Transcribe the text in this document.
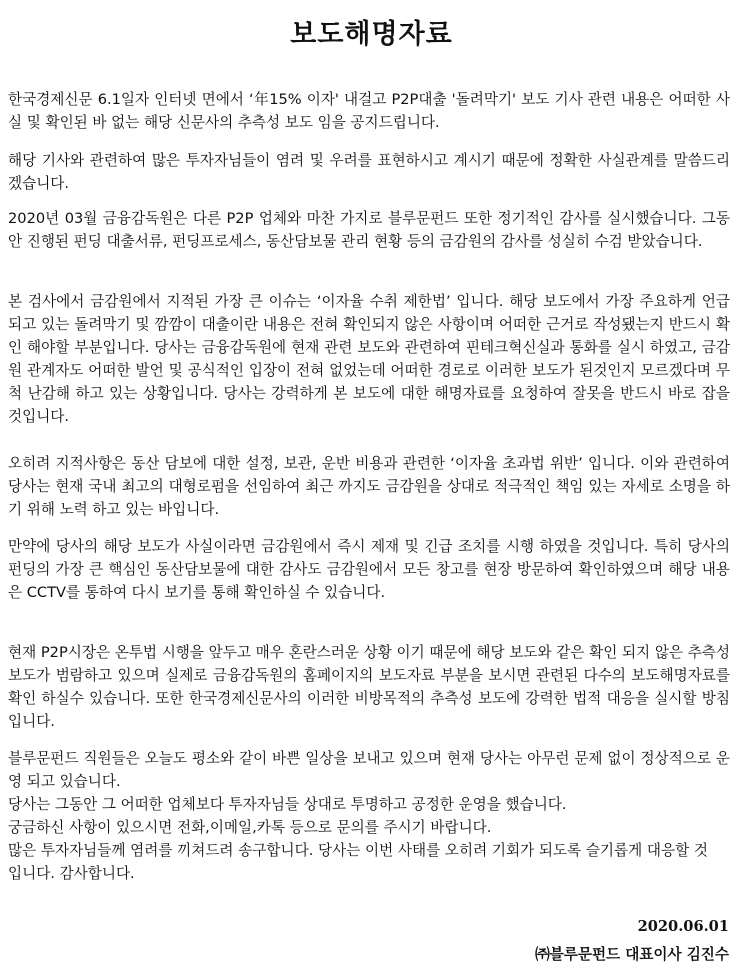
보도해명자료

한국경제신문 6.1일자 인터넷 면에서 ‘年15% 이자' 내걸고 P2P대출 '돌려막기' 보도 기사 관련 내용은 어떠한 사실 및 확인된 바 없는 해당 신문사의 추측성 보도 임을 공지드립니다.

해당 기사와 관련하여 많은 투자자님들이 염려 및 우려를 표현하시고 계시기 때문에 정확한 사실관계를 말씀드리겠습니다.

2020년 03월 금융감독원은 다른 P2P 업체와 마찬 가지로 블루문펀드 또한 정기적인 감사를 실시했습니다. 그동안 진행된 펀딩 대출서류, 펀딩프로세스, 동산담보물 관리 현황 등의 금감원의 감사를 성실히 수검 받았습니다.

본 검사에서 금감원에서 지적된 가장 큰 이슈는 ‘이자율 수취 제한법’ 입니다. 해당 보도에서 가장 주요하게 언급 되고 있는 돌려막기 및 깜깜이 대출이란 내용은 전혀 확인되지 않은 사항이며 어떠한 근거로 작성됐는지 반드시 확인 해야할 부분입니다. 당사는 금융감독원에 현재 관련 보도와 관련하여 핀테크혁신실과 통화를 실시 하였고, 금감원 관계자도 어떠한 발언 및 공식적인 입장이 전혀 없었는데 어떠한 경로로 이러한 보도가 된것인지 모르겠다며 무척 난감해 하고 있는 상황입니다. 당사는 강력하게 본 보도에 대한 해명자료를 요청하여 잘못을 반드시 바로 잡을 것입니다.

오히려 지적사항은 동산 담보에 대한 설정, 보관, 운반 비용과 관련한 ‘이자율 초과법 위반’ 입니다. 이와 관련하여 당사는 현재 국내 최고의 대형로펌을 선임하여 최근 까지도 금감원을 상대로 적극적인 책임 있는 자세로 소명을 하기 위해 노력 하고 있는 바입니다.

만약에 당사의 해당 보도가 사실이라면 금감원에서 즉시 제재 및 긴급 조치를 시행 하였을 것입니다. 특히 당사의 펀딩의 가장 큰 핵심인 동산담보물에 대한 감사도 금감원에서 모든 창고를 현장 방문하여 확인하였으며 해당 내용은 CCTV를 통하여 다시 보기를 통해 확인하실 수 있습니다.

현재 P2P시장은 온투법 시행을 앞두고 매우 혼란스러운 상황 이기 때문에 해당 보도와 같은 확인 되지 않은 추측성 보도가 범람하고 있으며 실제로 금융감독원의 홈페이지의 보도자료 부분을 보시면 관련된 다수의 보도해명자료를 확인 하실수 있습니다. 또한 한국경제신문사의 이러한 비방목적의 추측성 보도에 강력한 법적 대응을 실시할 방침입니다.

블루문펀드 직원들은 오늘도 평소와 같이 바쁜 일상을 보내고 있으며 현재 당사는 아무런 문제 없이 정상적으로 운영 되고 있습니다.

당사는 그동안 그 어떠한 업체보다 투자자님들 상대로 투명하고 공정한 운영을 했습니다.

궁금하신 사항이 있으시면 전화,이메일,카톡 등으로 문의를 주시기 바랍니다.

많은 투자자님들께 염려를 끼쳐드려 송구합니다. 당사는 이번 사태를 오히려 기회가 되도록 슬기롭게 대응할 것입니다. 감사합니다.

2020.06.01
㈜블루문펀드 대표이사 김진수
